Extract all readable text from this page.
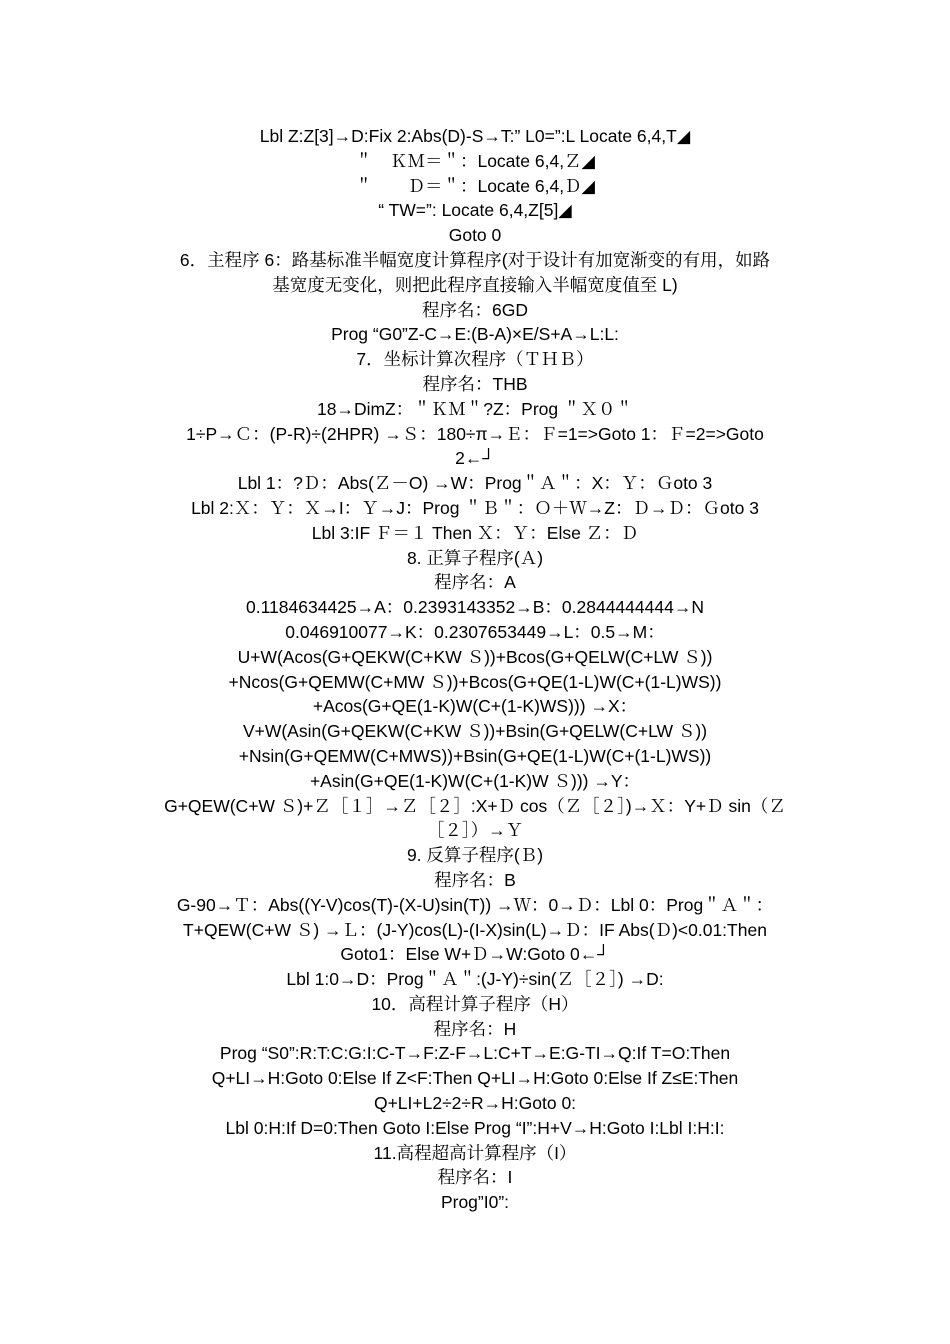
Lbl Z:Z[3]→D:Fix 2:Abs(D)-S→T:” L0=”:L Locate 6,4,T◢
＂　ＫＭ＝＂：Locate 6,4,Ｚ◢
＂　　Ｄ＝＂：Locate 6,4,Ｄ◢
“ TW=”: Locate 6,4,Z[5]◢
Goto 0
6．主程序 6：路基标准半幅宽度计算程序(对于设计有加宽渐变的有用，如路
基宽度无变化，则把此程序直接输入半幅宽度值至 L)
程序名：6GD
Prog “G0”Z-C→E:(B-A)×E/S+A→L:L:
7．坐标计算次程序（ＴＨＢ）
程序名：THB
18→DimZ：＂ＫＭ＂?Z：Prog ＂Ｘ０＂
1÷P→Ｃ：(P-R)÷(2HPR) →Ｓ：180÷π→Ｅ：Ｆ=1=>Goto 1：Ｆ=2=>Goto
2←┘
Lbl 1：?Ｄ：Abs(Ｚ－O) →W：Prog＂Ａ＂：X：Ｙ：Ｇoto 3
Lbl 2:Ｘ：Ｙ：Ｘ→I：Ｙ→J：Prog ＂Ｂ＂：Ｏ＋Ｗ→Z：Ｄ→Ｄ：Ｇoto 3
Lbl 3:IF Ｆ＝１ Then Ｘ：Ｙ：Else Ｚ：Ｄ
8. 正算子程序(Ａ)
程序名：A
0.1184634425→A：0.2393143352→B：0.2844444444→N
0.046910077→K：0.2307653449→L：0.5→M：
U+W(Acos(G+QEKW(C+KW Ｓ))+Bcos(G+QELW(C+LW Ｓ))
+Ncos(G+QEMW(C+MW Ｓ))+Bcos(G+QE(1-L)W(C+(1-L)WS))
+Acos(G+QE(1-K)W(C+(1-K)WS))) →X：
V+W(Asin(G+QEKW(C+KW Ｓ))+Bsin(G+QELW(C+LW Ｓ))
+Nsin(G+QEMW(C+MWS))+Bsin(G+QE(1-L)W(C+(1-L)WS))
+Asin(G+QE(1-K)W(C+(1-K)W Ｓ))) →Y：
G+QEW(C+W Ｓ)+Ｚ［１］→Ｚ［２］:X+Ｄ cos（Ｚ［２］)→Ｘ：Y+Ｄ sin（Ｚ
［２］）→Ｙ
9. 反算子程序(Ｂ)
程序名：B
G-90→Ｔ：Abs((Y-V)cos(T)-(X-U)sin(T)) →Ｗ：0→Ｄ：Lbl 0：Prog＂Ａ＂：
T+QEW(C+W Ｓ) →Ｌ：(J-Y)cos(L)-(I-X)sin(L)→Ｄ：IF Abs(Ｄ)<0.01:Then
Goto1：Else W+Ｄ→W:Goto 0←┘
Lbl 1:0→D：Prog＂Ａ＂:(J-Y)÷sin(Ｚ［２］) →D:
10．高程计算子程序（H）
程序名：H
Prog “S0”:R:T:C:G:I:C-T→F:Z-F→L:C+T→E:G-TI→Q:If T=O:Then
Q+LI→H:Goto 0:Else If Z<F:Then Q+LI→H:Goto 0:Else If Z≤E:Then
Q+LI+L2÷2÷R→H:Goto 0:
Lbl 0:H:If D=0:Then Goto I:Else Prog “I”:H+V→H:Goto I:Lbl I:H:I:
11.高程超高计算程序（I）
程序名：I
Prog”I0”:
